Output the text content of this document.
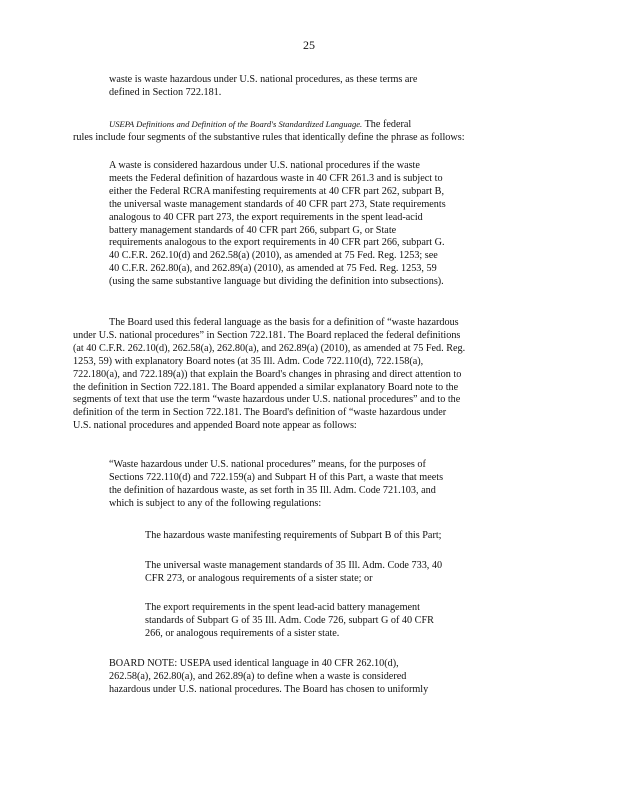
25
waste is waste hazardous under U.S. national procedures, as these terms are
defined in Section 722.181.
USEPA Definitions and Definition of the Board's Standardized Language. The federal
rules include four segments of the substantive rules that identically define the phrase as follows:
A waste is considered hazardous under U.S. national procedures if the waste
meets the Federal definition of hazardous waste in 40 CFR 261.3 and is subject to
either the Federal RCRA manifesting requirements at 40 CFR part 262, subpart B,
the universal waste management standards of 40 CFR part 273, State requirements
analogous to 40 CFR part 273, the export requirements in the spent lead-acid
battery management standards of 40 CFR part 266, subpart G, or State
requirements analogous to the export requirements in 40 CFR part 266, subpart G.
40 C.F.R. 262.10(d) and 262.58(a) (2010), as amended at 75 Fed. Reg. 1253; see
40 C.F.R. 262.80(a), and 262.89(a) (2010), as amended at 75 Fed. Reg. 1253, 59
(using the same substantive language but dividing the definition into subsections).
The Board used this federal language as the basis for a definition of “waste hazardous
under U.S. national procedures” in Section 722.181. The Board replaced the federal definitions
(at 40 C.F.R. 262.10(d), 262.58(a), 262.80(a), and 262.89(a) (2010), as amended at 75 Fed. Reg.
1253, 59) with explanatory Board notes (at 35 Ill. Adm. Code 722.110(d), 722.158(a),
722.180(a), and 722.189(a)) that explain the Board's changes in phrasing and direct attention to
the definition in Section 722.181. The Board appended a similar explanatory Board note to the
segments of text that use the term “waste hazardous under U.S. national procedures” and to the
definition of the term in Section 722.181. The Board's definition of “waste hazardous under
U.S. national procedures and appended Board note appear as follows:
“Waste hazardous under U.S. national procedures” means, for the purposes of
Sections 722.110(d) and 722.159(a) and Subpart H of this Part, a waste that meets
the definition of hazardous waste, as set forth in 35 Ill. Adm. Code 721.103, and
which is subject to any of the following regulations:
The hazardous waste manifesting requirements of Subpart B of this Part;
The universal waste management standards of 35 Ill. Adm. Code 733, 40
CFR 273, or analogous requirements of a sister state; or
The export requirements in the spent lead-acid battery management
standards of Subpart G of 35 Ill. Adm. Code 726, subpart G of 40 CFR
266, or analogous requirements of a sister state.
BOARD NOTE: USEPA used identical language in 40 CFR 262.10(d),
262.58(a), 262.80(a), and 262.89(a) to define when a waste is considered
hazardous under U.S. national procedures. The Board has chosen to uniformly
